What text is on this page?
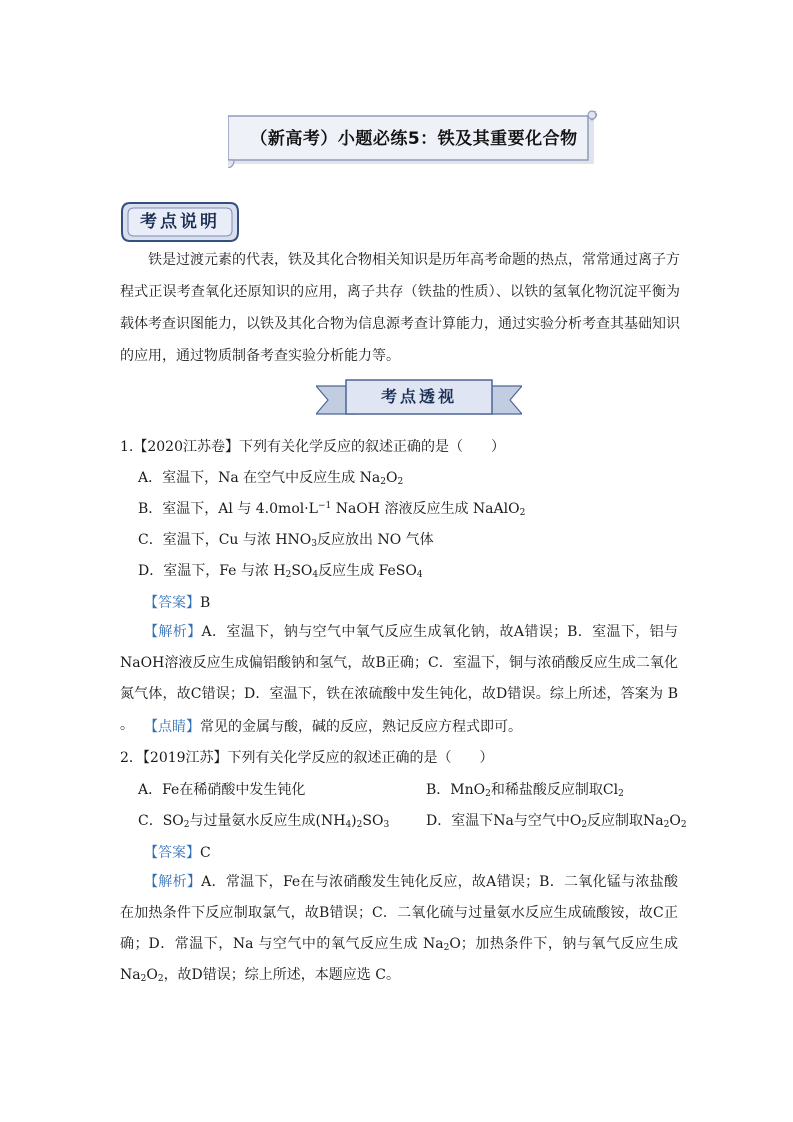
（新高考）小题必练5：铁及其重要化合物
考点说明
铁是过渡元素的代表，铁及其化合物相关知识是历年高考命题的热点，常常通过离子方程式正误考查氧化还原知识的应用，离子共存（铁盐的性质）、以铁的氢氧化物沉淀平衡为载体考查识图能力，以铁及其化合物为信息源考查计算能力，通过实验分析考查其基础知识的应用，通过物质制备考查实验分析能力等。
考点透视
1.【2020江苏卷】下列有关化学反应的叙述正确的是（　　）
A．室温下，Na 在空气中反应生成 $Na_2O_2$
B．室温下，Al 与 $4.0mol\cdot L^{-1}$ NaOH 溶液反应生成 NaAlO$_2$
C．室温下，Cu 与浓 $HNO_3$反应放出 NO 气体
D．室温下，Fe 与浓 $H_2SO_4$反应生成 FeSO$_4$
【答案】B
【解析】A．室温下，钠与空气中氧气反应生成氧化钠，故A错误；B．室温下，铝与NaOH溶液反应生成偏铝酸钠和氢气，故B正确；C．室温下，铜与浓硝酸反应生成二氧化氮气体，故C错误；D．室温下，铁在浓硫酸中发生钝化，故D错误。综上所述，答案为 B 。 【点睛】常见的金属与酸，碱的反应，熟记反应方程式即可。
2．【2019江苏】下列有关化学反应的叙述正确的是（　　）
A．Fe在稀硝酸中发生钝化	B．MnO$_2$和稀盐酸反应制取$Cl_2$
C．$SO_2$与过量氨水反应生成$(NH_4)_2SO_3$	D．室温下Na与空气中$O_2$反应制取$Na_2O_2$
【答案】C
【解析】A．常温下，Fe在与浓硝酸发生钝化反应，故A错误；B．二氧化锰与浓盐酸在加热条件下反应制取氯气，故B错误；C．二氧化硫与过量氨水反应生成硫酸铵，故C正确；D．常温下，Na 与空气中的氧气反应生成 $Na_2O$；加热条件下，钠与氧气反应生成 $Na_2O_2$，故D错误；综上所述，本题应选 C。
